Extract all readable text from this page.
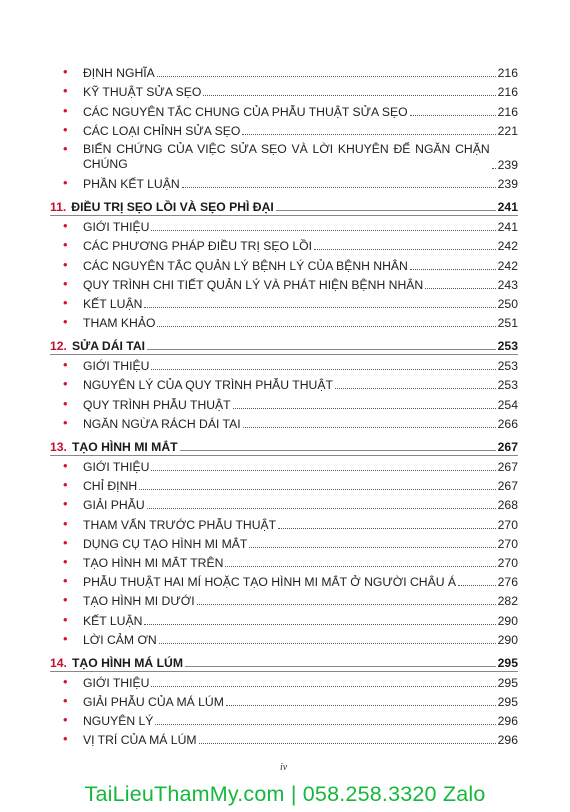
•	ĐỊNH NGHĨA	216
•	KỸ THUẬT SỬA SẸO	216
•	CÁC NGUYÊN TẮC CHUNG CỦA PHẪU THUẬT SỬA SẸO	216
•	CÁC LOẠI CHỈNH SỬA SẸO	221
•	BIẾN CHỨNG CỦA VIỆC SỬA SẸO VÀ LỜI KHUYÊN ĐỂ NGĂN CHẶN CHÚNG	239
•	PHẦN KẾT LUẬN	239
11. ĐIỀU TRỊ SẸO LỒI VÀ SẸO PHÌ ĐẠI	241
•	GIỚI THIỆU	241
•	CÁC PHƯƠNG PHÁP ĐIỀU TRỊ SẸO LỒI	242
•	CÁC NGUYÊN TẮC QUẢN LÝ BỆNH LÝ CỦA BỆNH NHÂN	242
•	QUY TRÌNH CHI TIẾT QUẢN LÝ VÀ PHÁT HIỆN BỆNH NHÂN	243
•	KẾT LUẬN	250
•	THAM KHẢO	251
12. SỬA DÁI TAI	253
•	GIỚI THIỆU	253
•	NGUYÊN LÝ CỦA QUY TRÌNH PHẪU THUẬT	253
•	QUY TRÌNH PHẪU THUẬT	254
•	NGĂN NGỪA RÁCH DÁI TAI	266
13. TẠO HÌNH MI MẮT	267
•	GIỚI THIỆU	267
•	CHỈ ĐỊNH	267
•	GIẢI PHẪU	268
•	THAM VẤN TRƯỚC PHẪU THUẬT	270
•	DỤNG CỤ TẠO HÌNH MI MẮT	270
•	TẠO HÌNH MI MẮT TRÊN	270
•	PHẪU THUẬT HAI MÍ HOẶC TẠO HÌNH MI MẮT Ở NGƯỜI CHÂU Á	276
•	TẠO HÌNH MI DƯỚI	282
•	KẾT LUẬN	290
•	LỜI CẢM ƠN	290
14. TẠO HÌNH MÁ LÚM	295
•	GIỚI THIỆU	295
•	GIẢI PHẪU CỦA MÁ LÚM	295
•	NGUYÊN LÝ	296
•	VỊ TRÍ CỦA MÁ LÚM	296
iv
TaiLieuThamMy.com | 058.258.3320 Zalo
